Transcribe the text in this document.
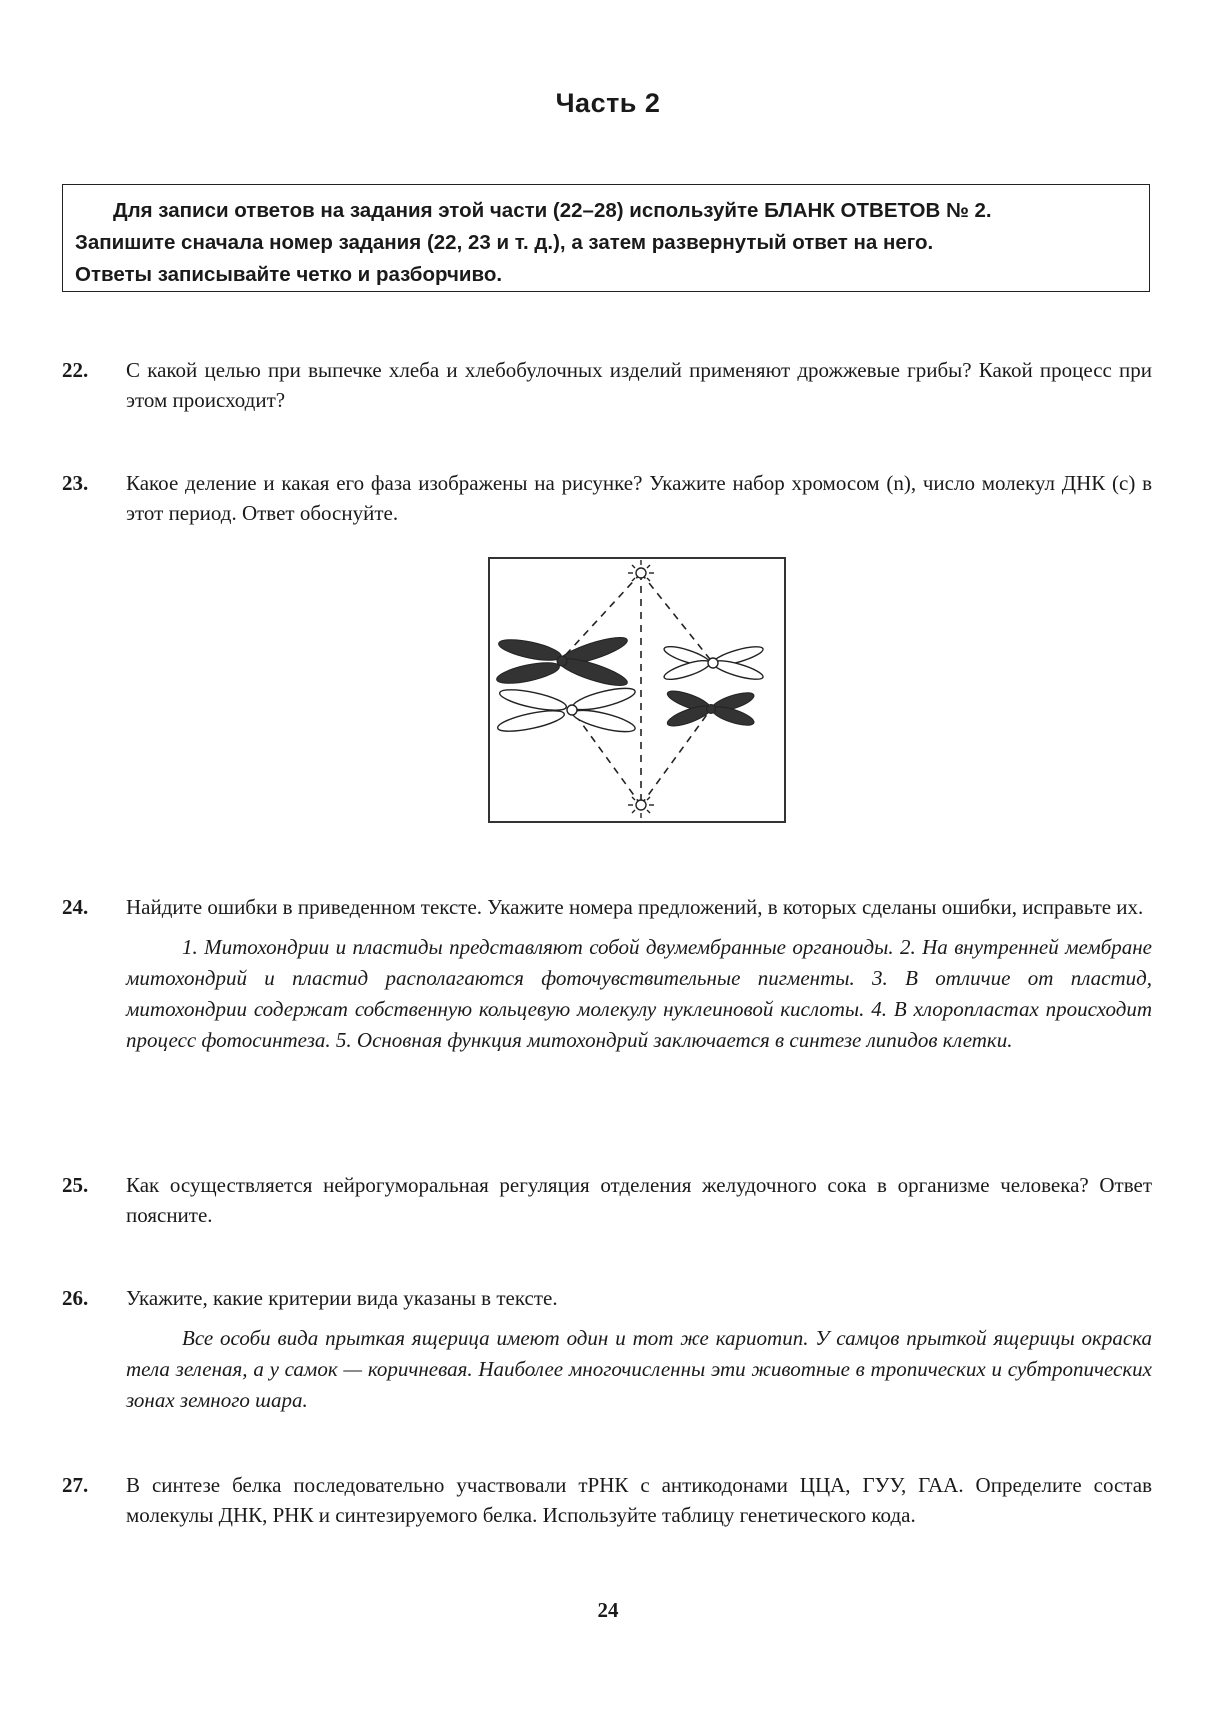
Часть 2

Для записи ответов на задания этой части (22–28) используйте БЛАНК ОТВЕТОВ № 2.

Запишите сначала номер задания (22, 23 и т. д.), а затем развернутый ответ на него.

Ответы записывайте четко и разборчиво.

22. С какой целью при выпечке хлеба и хлебобулочных изделий применяют дрожжевые грибы? Какой процесс при этом происходит?

23. Какое деление и какая его фаза изображены на рисунке? Укажите набор хромосом (n), число молекул ДНК (с) в этот период. Ответ обоснуйте.

24. Найдите ошибки в приведенном тексте. Укажите номера предложений, в которых сделаны ошибки, исправьте их.

1. Митохондрии и пластиды представляют собой двумембранные органоиды. 2. На внутренней мембране митохондрий и пластид располагаются фоточувствительные пигменты. 3. В отличие от пластид, митохондрии содержат собственную кольцевую молекулу нуклеиновой кислоты. 4. В хлоропластах происходит процесс фотосинтеза. 5. Основная функция митохондрий заключается в синтезе липидов клетки.

25. Как осуществляется нейрогуморальная регуляция отделения желудочного сока в организме человека? Ответ поясните.

26. Укажите, какие критерии вида указаны в тексте.

Все особи вида прыткая ящерица имеют один и тот же кариотип. У самцов прыткой ящерицы окраска тела зеленая, а у самок — коричневая. Наиболее многочисленны эти животные в тропических и субтропических зонах земного шара.

27. В синтезе белка последовательно участвовали тРНК с антикодонами ЦЦА, ГУУ, ГАА. Определите состав молекулы ДНК, РНК и синтезируемого белка. Используйте таблицу генетического кода.

24
